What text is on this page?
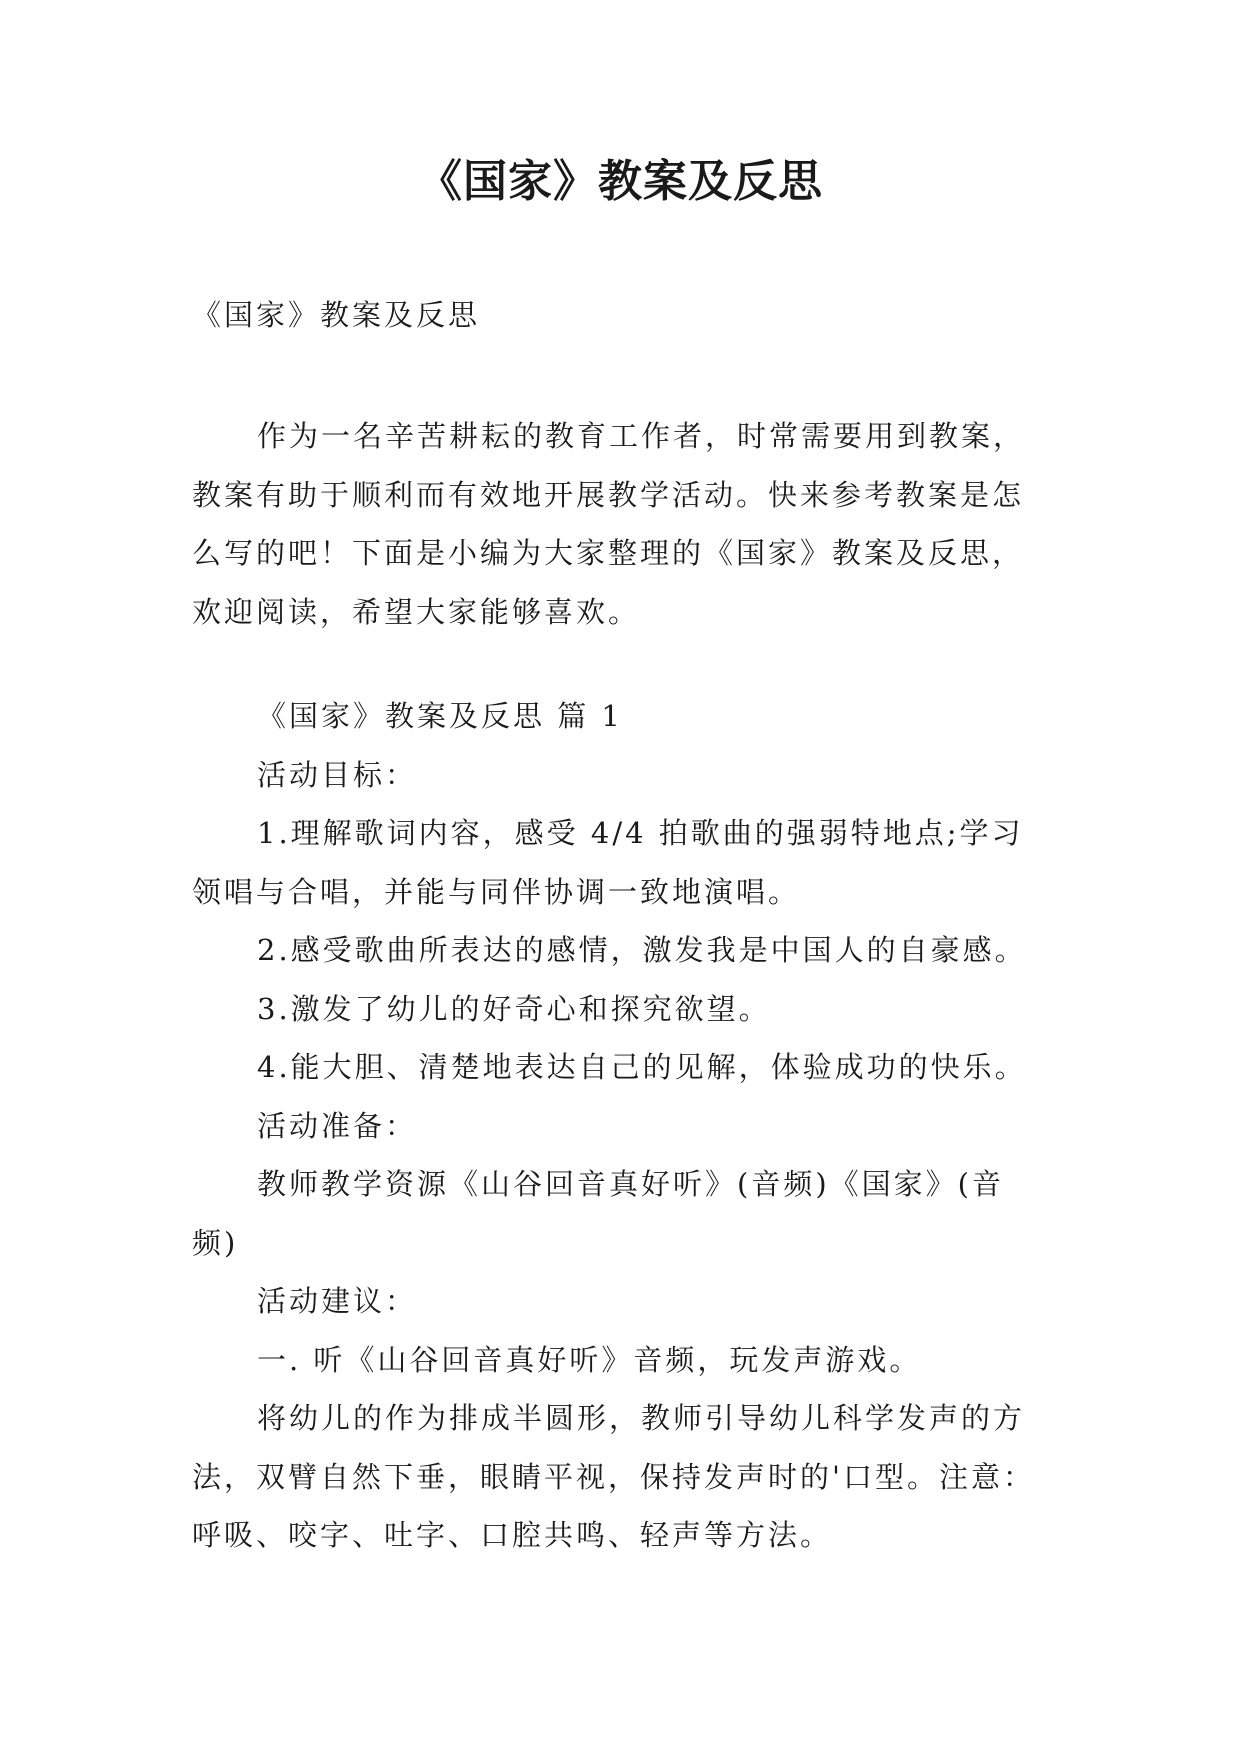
《国家》教案及反思

《国家》教案及反思

作为一名辛苦耕耘的教育工作者，时常需要用到教案，
教案有助于顺利而有效地开展教学活动。快来参考教案是怎
么写的吧！下面是小编为大家整理的《国家》教案及反思，
欢迎阅读，希望大家能够喜欢。
《国家》教案及反思 篇 1
活动目标：
1.理解歌词内容，感受 4/4 拍歌曲的强弱特地点;学习
领唱与合唱，并能与同伴协调一致地演唱。
2.感受歌曲所表达的感情，激发我是中国人的自豪感。
3.激发了幼儿的好奇心和探究欲望。
4.能大胆、清楚地表达自己的见解，体验成功的快乐。
活动准备：
教师教学资源《山谷回音真好听》(音频)《国家》(音
频)
活动建议：
一. 听《山谷回音真好听》音频，玩发声游戏。
将幼儿的作为排成半圆形，教师引导幼儿科学发声的方
法，双臂自然下垂，眼睛平视，保持发声时的'口型。注意：
呼吸、咬字、吐字、口腔共鸣、轻声等方法。
